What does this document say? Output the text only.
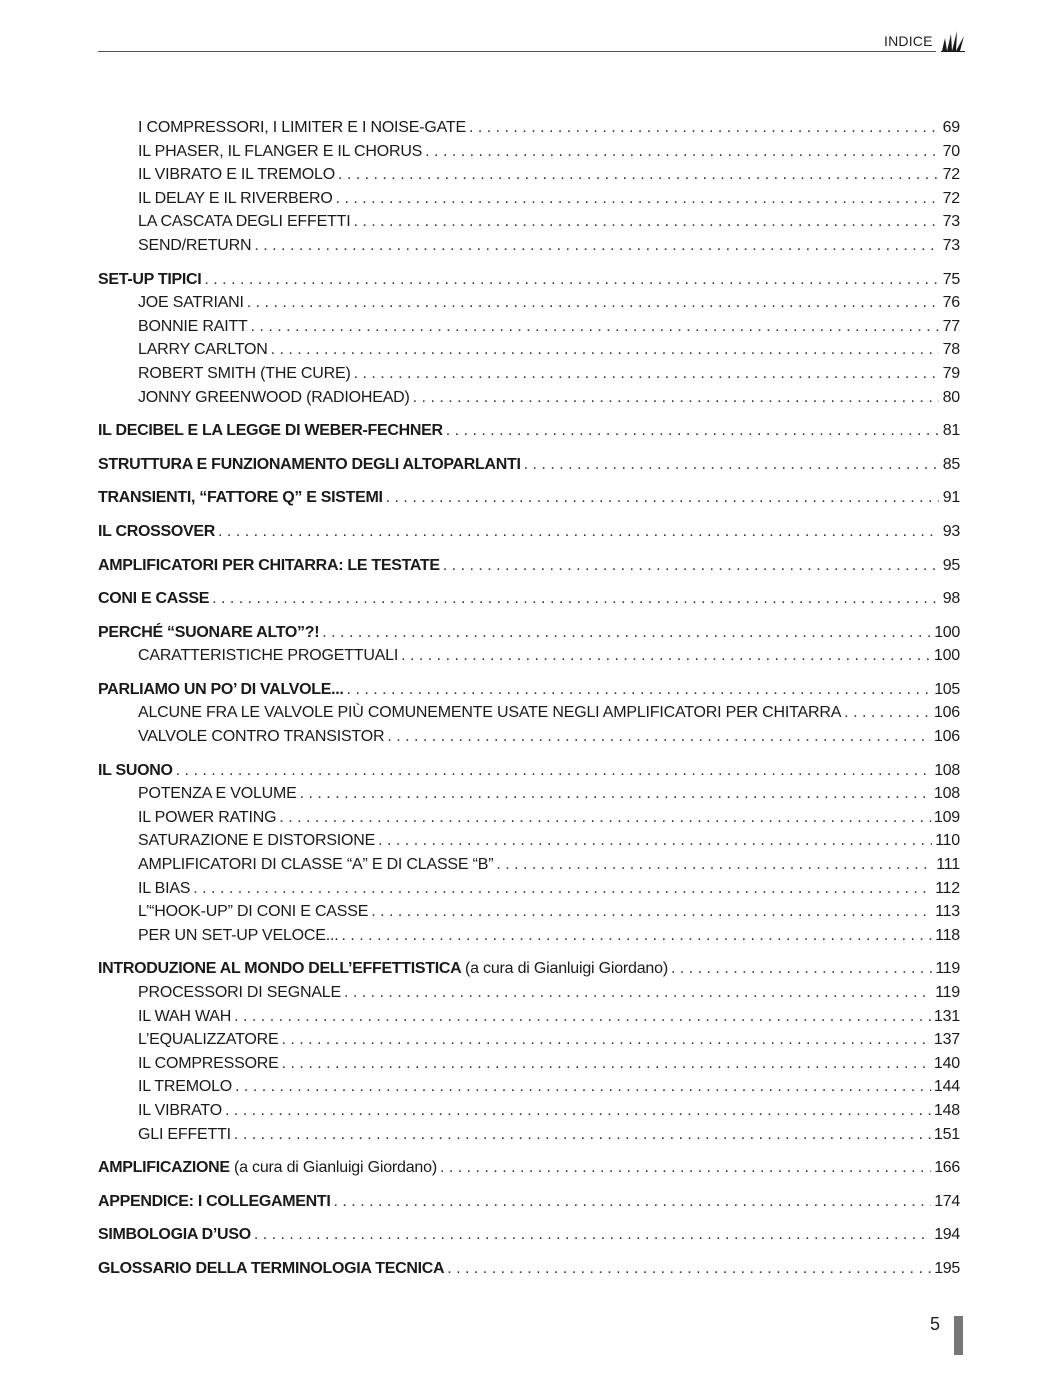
INDICE
I COMPRESSORI, I LIMITER E I NOISE-GATE . . .	69
IL PHASER, IL FLANGER E IL CHORUS . . .	70
IL VIBRATO E IL TREMOLO . . .	72
IL DELAY E IL RIVERBERO . . .	72
LA CASCATA DEGLI EFFETTI . . .	73
SEND/RETURN . . .	73
SET-UP TIPICI . . .	75
JOE SATRIANI . . .	76
BONNIE RAITT . . .	77
LARRY CARLTON . . .	78
ROBERT SMITH (THE CURE) . . .	79
JONNY GREENWOOD (RADIOHEAD) . . .	80
IL DECIBEL E LA LEGGE DI WEBER-FECHNER . . .	81
STRUTTURA E FUNZIONAMENTO DEGLI ALTOPARLANTI . . .	85
TRANSIENTI, “FATTORE Q” E SISTEMI . . .	91
IL CROSSOVER . . .	93
AMPLIFICATORI PER CHITARRA: LE TESTATE . . .	95
CONI E CASSE . . .	98
PERCHÉ “SUONARE ALTO”?! . . .	100
CARATTERISTICHE PROGETTUALI . . .	100
PARLIAMO UN PO’ DI VALVOLE... . . .	105
ALCUNE FRA LE VALVOLE PIÙ COMUNEMENTE USATE NEGLI AMPLIFICATORI PER CHITARRA . . .	106
VALVOLE CONTRO TRANSISTOR . . .	106
IL SUONO . . .	108
POTENZA E VOLUME . . .	108
IL POWER RATING . . .	109
SATURAZIONE E DISTORSIONE . . .	110
AMPLIFICATORI DI CLASSE “A” E DI CLASSE “B” . . .	111
IL BIAS . . .	112
L’“HOOK-UP” DI CONI E CASSE . . .	113
PER UN SET-UP VELOCE... . . .	118
INTRODUZIONE AL MONDO DELL’EFFETTISTICA (a cura di Gianluigi Giordano) . . .	119
PROCESSORI DI SEGNALE . . .	119
IL WAH WAH . . .	131
L’EQUALIZZATORE . . .	137
IL COMPRESSORE . . .	140
IL TREMOLO . . .	144
IL VIBRATO . . .	148
GLI EFFETTI . . .	151
AMPLIFICAZIONE (a cura di Gianluigi Giordano) . . .	166
APPENDICE: I COLLEGAMENTI . . .	174
SIMBOLOGIA D’USO . . .	194
GLOSSARIO DELLA TERMINOLOGIA TECNICA . . .	195
5
